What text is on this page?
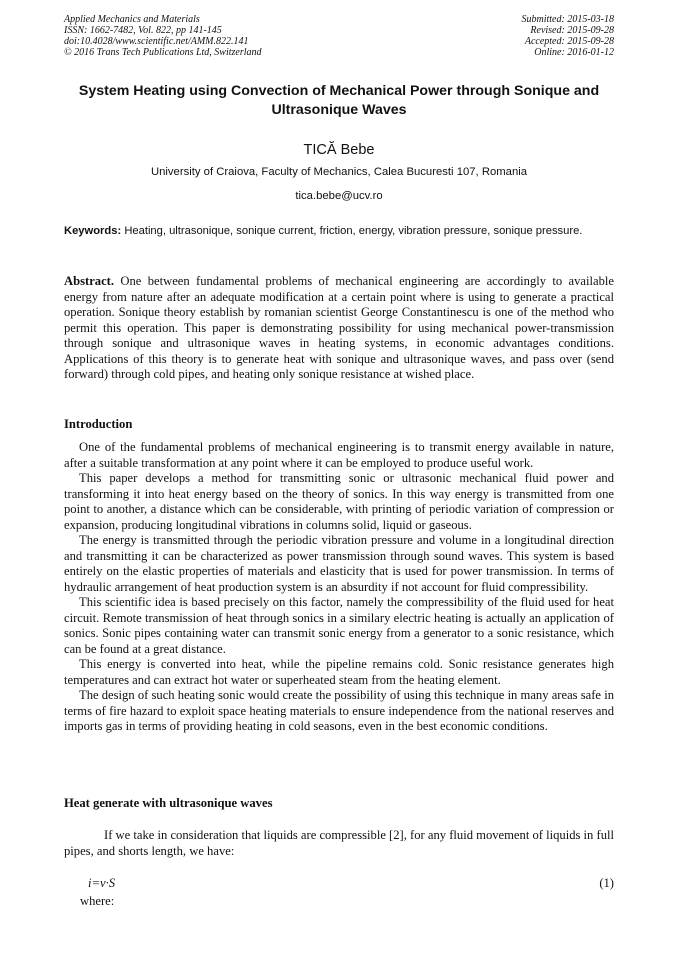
Applied Mechanics and Materials

ISSN: 1662-7482, Vol. 822, pp 141-145

doi:10.4028/www.scientific.net/AMM.822.141

© 2016 Trans Tech Publications Ltd, Switzerland

Submitted: 2015-03-18

Revised: 2015-09-28

Accepted: 2015-09-28

Online: 2016-01-12

System Heating using Convection of Mechanical Power through Sonique and Ultrasonique Waves

TICĂ Bebe

University of Craiova, Faculty of Mechanics, Calea Bucuresti 107, Romania

tica.bebe@ucv.ro

Keywords: Heating, ultrasonique, sonique current, friction, energy, vibration pressure, sonique pressure.

Abstract. One between fundamental problems of mechanical engineering are accordingly to available energy from nature after an adequate modification at a certain point where is using to generate a practical operation. Sonique theory establish by romanian scientist George Constantinescu is one of the method who permit this operation. This paper is demonstrating possibility for using mechanical power-transmission through sonique and ultrasonique waves in heating systems, in economic advantages conditions. Applications of this theory is to generate heat with sonique and ultrasonique waves, and pass over (send forward) through cold pipes, and heating only sonique resistance at wished place.

Introduction

One of the fundamental problems of mechanical engineering is to transmit energy available in nature, after a suitable transformation at any point where it can be employed to produce useful work.

This paper develops a method for transmitting sonic or ultrasonic mechanical fluid power and transforming it into heat energy based on the theory of sonics. In this way energy is transmitted from one point to another, a distance which can be considerable, with printing of periodic variation of compression or expansion, producing longitudinal vibrations in columns solid, liquid or gaseous.

The energy is transmitted through the periodic vibration pressure and volume in a longitudinal direction and transmitting it can be characterized as power transmission through sound waves. This system is based entirely on the elastic properties of materials and elasticity that is used for power transmission. In terms of hydraulic arrangement of heat production system is an absurdity if not account for fluid compressibility.

This scientific idea is based precisely on this factor, namely the compressibility of the fluid used for heat circuit. Remote transmission of heat through sonics in a similary electric heating is actually an application of sonics. Sonic pipes containing water can transmit sonic energy from a generator to a sonic resistance, which can be found at a great distance.

This energy is converted into heat, while the pipeline remains cold. Sonic resistance generates high temperatures and can extract hot water or superheated steam from the heating element.

The design of such heating sonic would create the possibility of using this technique in many areas safe in terms of fire hazard to exploit space heating materials to ensure independence from the national reserves and imports gas in terms of providing heating in cold seasons, even in the best economic conditions.

Heat generate with ultrasonique waves

If we take in consideration that liquids are compressible [2], for any fluid movement of liquids in full pipes, and shorts length, we have:

i=ν·S	(1)

where:
